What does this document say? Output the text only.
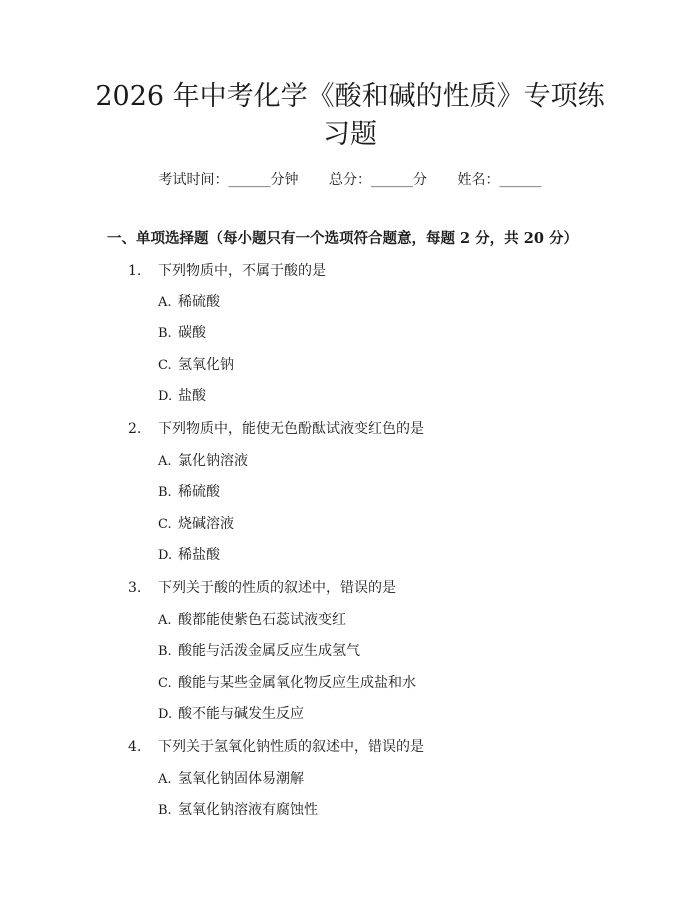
2026 年中考化学《酸和碱的性质》专项练习题
考试时间：______分钟 总分：______分 姓名：______
一、单项选择题（每小题只有一个选项符合题意，每题 2 分，共 20 分）
1. 下列物质中，不属于酸的是
A. 稀硫酸
B. 碳酸
C. 氢氧化钠
D. 盐酸
2. 下列物质中，能使无色酚酞试液变红色的是
A. 氯化钠溶液
B. 稀硫酸
C. 烧碱溶液
D. 稀盐酸
3. 下列关于酸的性质的叙述中，错误的是
A. 酸都能使紫色石蕊试液变红
B. 酸能与活泼金属反应生成氢气
C. 酸能与某些金属氧化物反应生成盐和水
D. 酸不能与碱发生反应
4. 下列关于氢氧化钠性质的叙述中，错误的是
A. 氢氧化钠固体易潮解
B. 氢氧化钠溶液有腐蚀性
